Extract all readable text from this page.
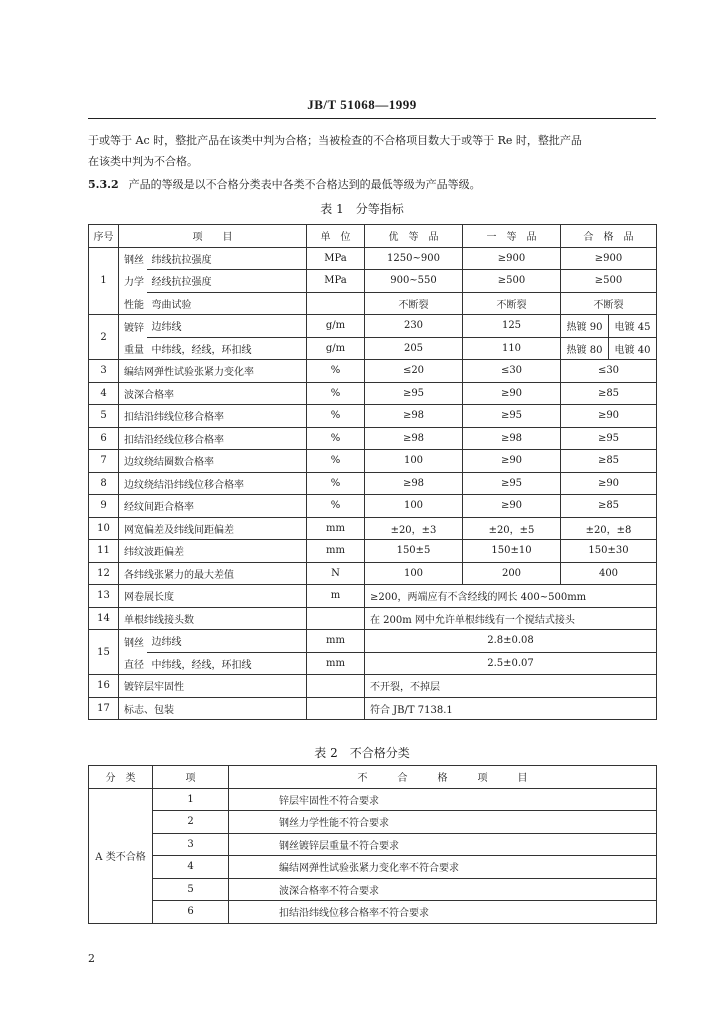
JB/T 51068—1999
于或等于 Ac 时，整批产品在该类中判为合格；当被检查的不合格项目数大于或等于 Re 时，整批产品
在该类中判为不合格。
5.3.2 产品的等级是以不合格分类表中各类不合格达到的最低等级为产品等级。
表 1　分等指标
序号	项　　目		单　位	优　等　品	一　等　品	合　格　品	
1	钢丝	纬线抗拉强度	MPa	1250~900	≥900	≥900	
	力学	经线抗拉强度	MPa	900~550	≥500	≥500	
	性能	弯曲试验		不断裂	不断裂	不断裂	
2	镀锌	边纬线	g/m	230	125	热镀 90	电镀 45
	重量	中纬线，经线，环扣线	g/m	205	110	热镀 80	电镀 40
3	编结网弹性试验张紧力变化率		%	≤20	≤30	≤30	
4	波深合格率		%	≥95	≥90	≥85	
5	扣结沿纬线位移合格率		%	≥98	≥95	≥90	
6	扣结沿经线位移合格率		%	≥98	≥98	≥95	
7	边纹绕结圈数合格率		%	100	≥90	≥85	
8	边纹绕结沿纬线位移合格率		%	≥98	≥95	≥90	
9	经纹间距合格率		%	100	≥90	≥85	
10	网宽偏差及纬线间距偏差		mm	±20，±3	±20，±5	±20，±8	
11	纬纹波距偏差		mm	150±5	150±10	150±30	
12	各纬线张紧力的最大差值		N	100	200	400	
13	网卷展长度		m	≥200，两端应有不含经线的网长 400~500mm			
14	单根纬线接头数			在 200m 网中允许单根纬线有一个搅结式接头			
15	钢丝	边纬线	mm	2.8±0.08			
	直径	中纬线，经线，环扣线	mm	2.5±0.07			
16	镀锌层牢固性			不开裂，不掉层			
17	标志、包装			符合 JB/T 7138.1			
表 2　不合格分类
分　类	项	不　　　合　　　格　　　项　　　目
A 类不合格	1	锌层牢固性不符合要求
	2	钢丝力学性能不符合要求
	3	钢丝镀锌层重量不符合要求
	4	编结网弹性试验张紧力变化率不符合要求
	5	波深合格率不符合要求
	6	扣结沿纬线位移合格率不符合要求
2
